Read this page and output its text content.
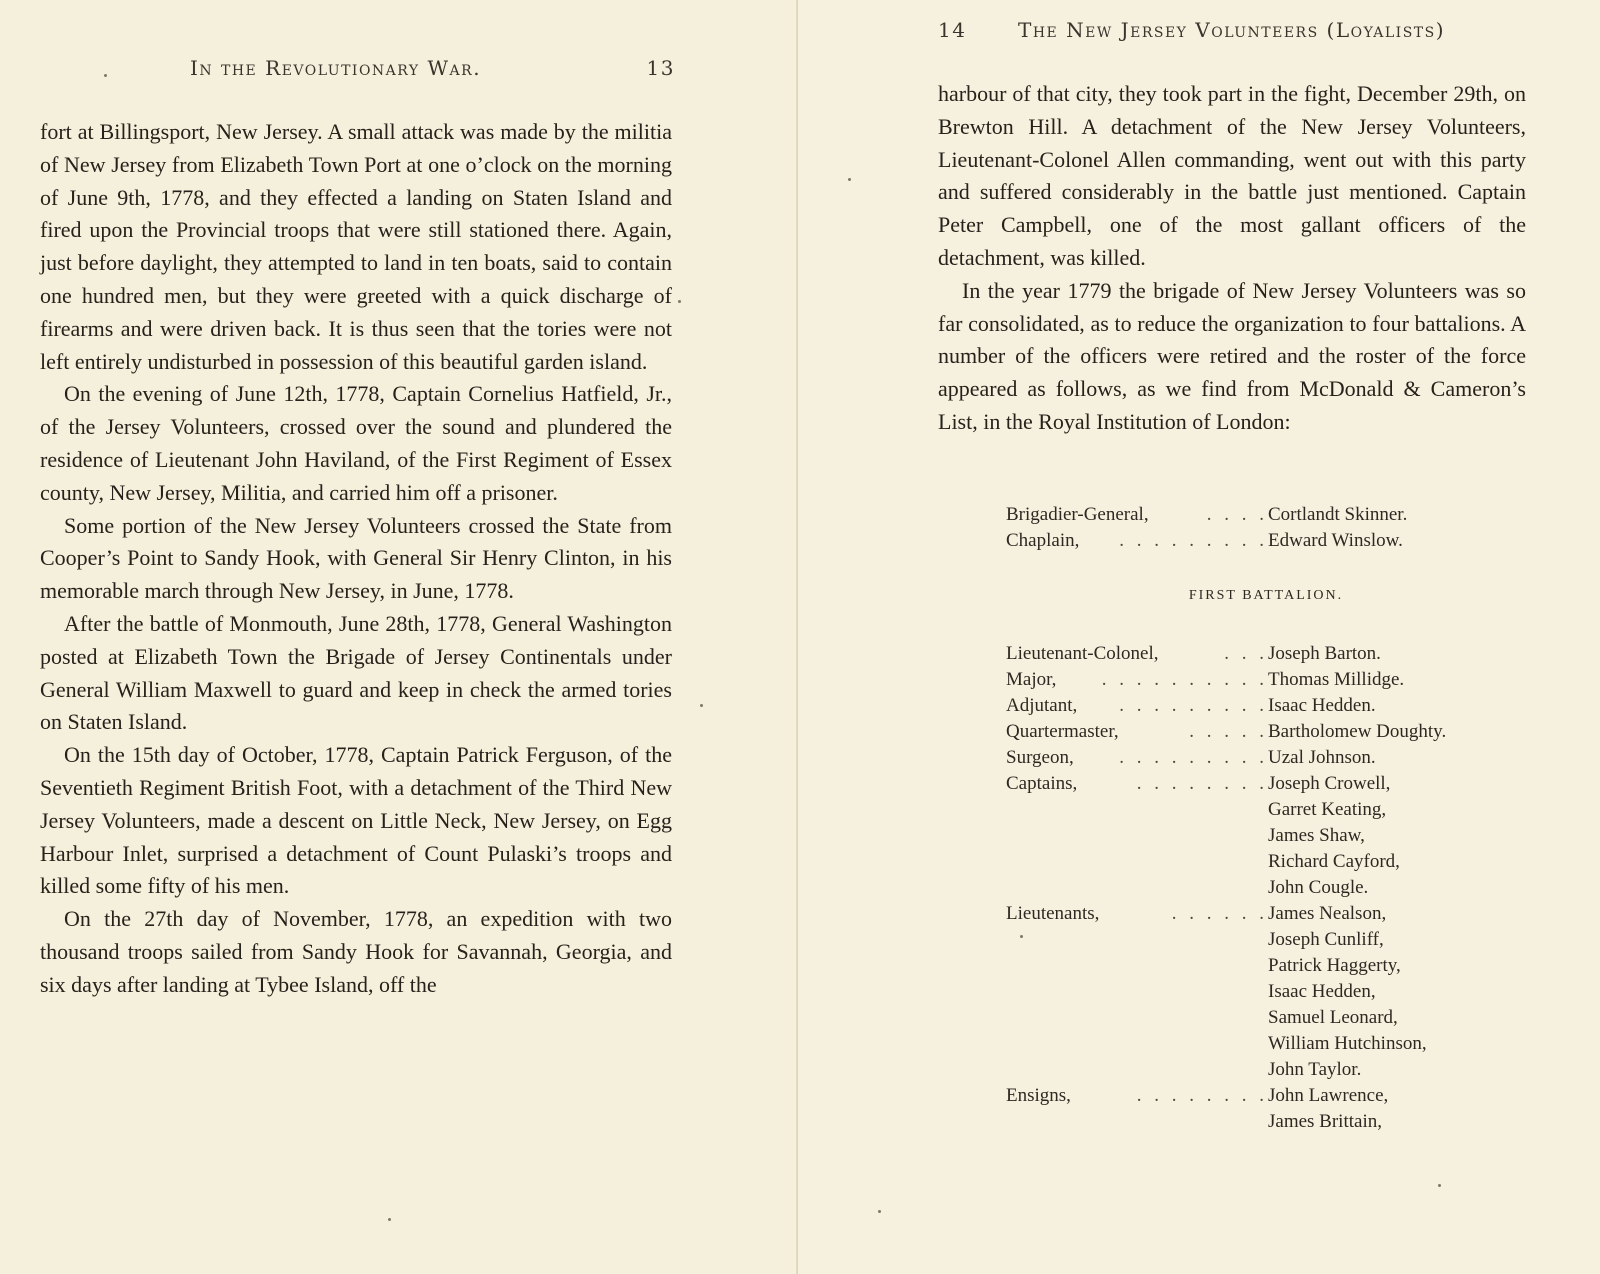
In the Revolutionary War.	13

fort at Billingsport, New Jersey. A small attack was made by the militia of New Jersey from Elizabeth Town Port at one o’clock on the morning of June 9th, 1778, and they effected a landing on Staten Island and fired upon the Provincial troops that were still stationed there. Again, just before daylight, they attempted to land in ten boats, said to contain one hundred men, but they were greeted with a quick discharge of firearms and were driven back. It is thus seen that the tories were not left entirely undisturbed in possession of this beautiful garden island.

On the evening of June 12th, 1778, Captain Cornelius Hatfield, Jr., of the Jersey Volunteers, crossed over the sound and plundered the residence of Lieutenant John Haviland, of the First Regiment of Essex county, New Jersey, Militia, and carried him off a prisoner.

Some portion of the New Jersey Volunteers crossed the State from Cooper’s Point to Sandy Hook, with General Sir Henry Clinton, in his memorable march through New Jersey, in June, 1778.

After the battle of Monmouth, June 28th, 1778, General Washington posted at Elizabeth Town the Brigade of Jersey Continentals under General William Maxwell to guard and keep in check the armed tories on Staten Island.

On the 15th day of October, 1778, Captain Patrick Ferguson, of the Seventieth Regiment British Foot, with a detachment of the Third New Jersey Volunteers, made a descent on Little Neck, New Jersey, on Egg Harbour Inlet, surprised a detachment of Count Pulaski’s troops and killed some fifty of his men.

On the 27th day of November, 1778, an expedition with two thousand troops sailed from Sandy Hook for Savannah, Georgia, and six days after landing at Tybee Island, off the

14	The New Jersey Volunteers (Loyalists)

harbour of that city, they took part in the fight, December 29th, on Brewton Hill. A detachment of the New Jersey Volunteers, Lieutenant-Colonel Allen commanding, went out with this party and suffered considerably in the battle just mentioned. Captain Peter Campbell, one of the most gallant officers of the detachment, was killed.

In the year 1779 the brigade of New Jersey Volunteers was so far consolidated, as to reduce the organization to four battalions. A number of the officers were retired and the roster of the force appeared as follows, as we find from McDonald & Cameron’s List, in the Royal Institution of London:

Brigadier-General,	. . . . Cortlandt Skinner.
Chaplain,	. . . . . . . . . Edward Winslow.
FIRST BATTALION.
Lieutenant-Colonel,	. . . Joseph Barton.
Major,	. . . . . . . . . . Thomas Millidge.
Adjutant,	. . . . . . . . . Isaac Hedden.
Quartermaster,	. . . . . Bartholomew Doughty.
Surgeon,	. . . . . . . . . Uzal Johnson.
Captains,	. . . . . . . . Joseph Crowell,
Garret Keating,
James Shaw,
Richard Cayford,
John Cougle.
Lieutenants,	. . . . . . James Nealson,
Joseph Cunliff,
Patrick Haggerty,
Isaac Hedden,
Samuel Leonard,
William Hutchinson,
John Taylor.
Ensigns,	. . . . . . . . John Lawrence,
James Brittain,
